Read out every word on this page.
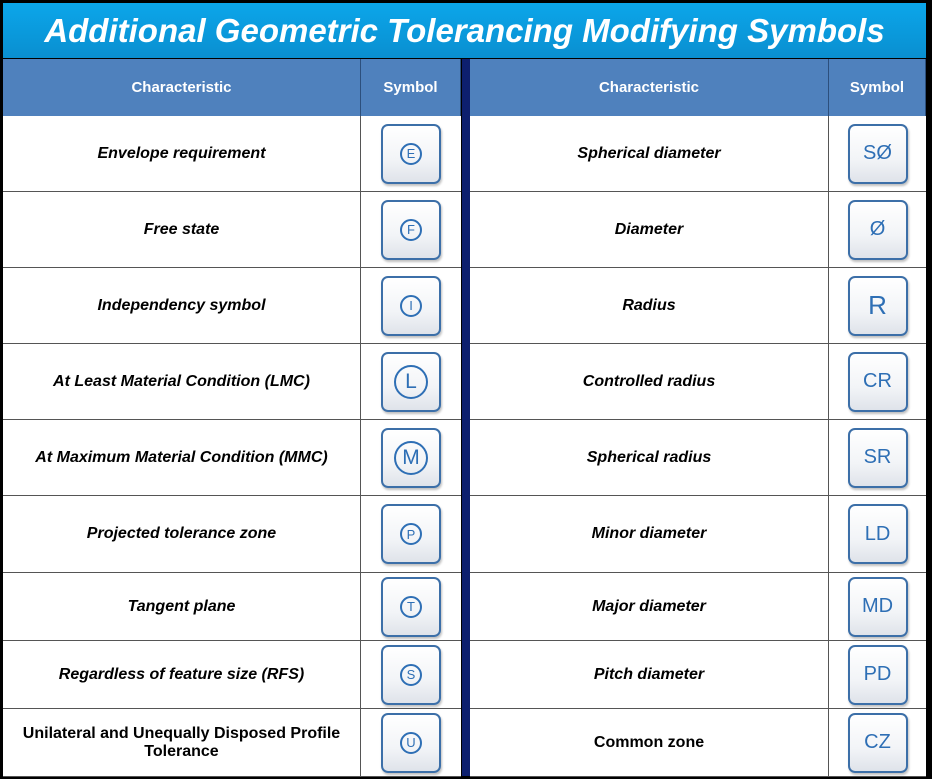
Additional Geometric Tolerancing Modifying Symbols
Characteristic	Symbol
Envelope requirement	E
Free state	F
Independency symbol	I
At Least Material Condition (LMC)	L
At Maximum Material Condition (MMC)	M
Projected tolerance zone	P
Tangent plane	T
Regardless of feature size (RFS)	S
Unilateral and Unequally Disposed Profile Tolerance	U
Characteristic	Symbol
Spherical diameter	SØ
Diameter	Ø
Radius	R
Controlled radius	CR
Spherical radius	SR
Minor diameter	LD
Major diameter	MD
Pitch diameter	PD
Common zone	CZ
